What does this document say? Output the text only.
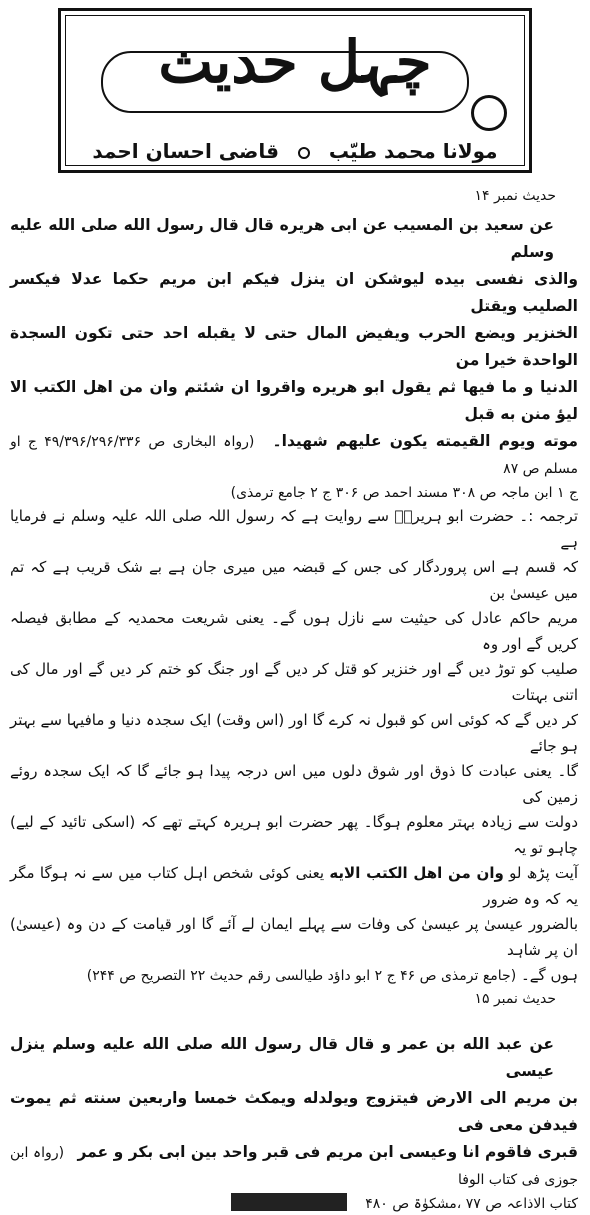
چہل حدیث
مولانا محمد طیّب  قاضی احسان احمد
حدیث نمبر ۱۴
عن سعید بن المسیب عن ابی هریره قال قال رسول الله صلی الله علیه وسلم
والذی نفسی بیده لیوشکن ان ینزل فیکم ابن مریم حکما عدلا فیکسر الصلیب ویقتل
الخنزیر ویضع الحرب ویفیض المال حتی لا یقبله احد حتی تکون السجدة الواحدة خیرا من
الدنیا و ما فیها ثم یقول ابو هریره واقروا ان شئتم وان من اهل الکتب الا لیؤ منن به قبل
موته ویوم القیمته یکون علیهم شهیدا۔ (رواہ البخاری ص ۴۹/۳۹۶/۲۹۶/۳۳۶ ج او مسلم ص ۸۷
ج ۱ ابن ماجہ ص ۳۰۸ مسند احمد ص ۳۰۶ ج ۲ جامع ترمذی)
ترجمہ :۔ حضرت ابو ہریرہؓ سے روایت ہے کہ رسول اللہ صلی اللہ علیہ وسلم نے فرمایا ہے
کہ قسم ہے اس پروردگار کی جس کے قبضہ میں میری جان ہے بے شک قریب ہے کہ تم میں عیسیٰ بن
مریم حاکم عادل کی حیثیت سے نازل ہوں گے۔ یعنی شریعت محمدیہ کے مطابق فیصلہ کریں گے اور وہ
صلیب کو توڑ دیں گے اور خنزیر کو قتل کر دیں گے اور جنگ کو ختم کر دیں گے اور مال کی اتنی بہتات
کر دیں گے کہ کوئی اس کو قبول نہ کرے گا اور (اس وقت) ایک سجدہ دنیا و مافیہا سے بہتر ہو جائے
گا۔ یعنی عبادت کا ذوق اور شوق دلوں میں اس درجہ پیدا ہو جائے گا کہ ایک سجدہ روئے زمین کی
دولت سے زیادہ بہتر معلوم ہوگا۔ پھر حضرت ابو ہریرہ کہتے تھے کہ (اسکی تائید کے لیے) چاہو تو یہ
آیت پڑھ لو وان من اهل الکتب الایه یعنی کوئی شخص اہل کتاب میں سے نہ ہوگا مگر یہ کہ وہ ضرور
بالضرور عیسیٰ پر عیسیٰ کی وفات سے پہلے ایمان لے آئے گا اور قیامت کے دن وہ (عیسیٰ) ان پر شاہد
ہوں گے۔ (جامع ترمذی ص ۴۶ ج ۲ ابو داؤد طیالسی رقم حدیث ۲۲ التصریح ص ۲۴۴)
حدیث نمبر ۱۵
عن عبد الله بن عمر و قال قال رسول الله صلی الله علیه وسلم ینزل عیسی
بن مریم الی الارض فیتزوج ویولدله ویمکث خمسا واربعین سنته ثم یموت فیدفن معی فی
قبری فاقوم انا وعیسی ابن مریم فی قبر واحد بین ابی بکر و عمر (رواہ ابن جوزی فی کتاب الوفا
کتاب الاذاعہ ص ۷۷ ،مشکوٰۃ ص ۴۸۰
